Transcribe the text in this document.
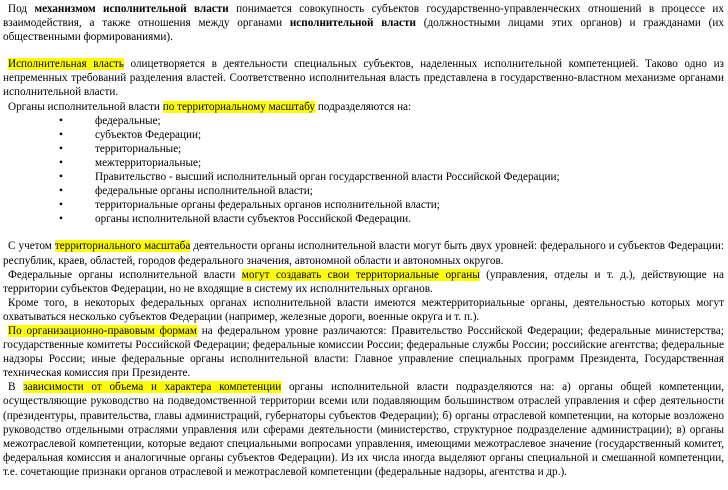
Под механизмом исполнительной власти понимается совокупность субъектов государственно-управленческих отношений в процессе их взаимодействия, а также отношения между органами исполнительной власти (должностными лицами этих органов) и гражданами (их общественными формированиями).

Исполнительная власть олицетворяется в деятельности специальных субъектов, наделенных исполнительной компетенцией. Таково одно из непременных требований разделения властей. Соответственно исполнительная власть представлена в государственно-властном механизме органами исполнительной власти.

Органы исполнительной власти по территориальному масштабу подразделяются на:

• федеральные;
• субъектов Федерации;
• территориальные;
• межтерриториальные;
• Правительство - высший исполнительный орган государственной власти Российской Федерации;
• федеральные органы исполнительной власти;
• территориальные органы федеральных органов исполнительной власти;
• органы исполнительной власти субъектов Российской Федерации.

С учетом территориального масштаба деятельности органы исполнительной власти могут быть двух уровней: федерального и субъектов Федерации: республик, краев, областей, городов федерального значения, автономной области и автономных округов.

Федеральные органы исполнительной власти могут создавать свои территориальные органы (управления, отделы и т. д.), действующие на территории субъектов Федерации, но не входящие в систему их исполнительных органов.

Кроме того, в некоторых федеральных органах исполнительной власти имеются межтерриториальные органы, деятельностью которых могут охватываться несколько субъектов Федерации (например, железные дороги, военные округа и т. п.).

По организационно-правовым формам на федеральном уровне различаются: Правительство Российской Федерации; федеральные министерства; государственные комитеты Российской Федерации; федеральные комиссии России; федеральные службы России; российские агентства; федеральные надзоры России; иные федеральные органы исполнительной власти: Главное управление специальных программ Президента, Государственная техническая комиссия при Президенте.

В зависимости от объема и характера компетенции органы исполнительной власти подразделяются на: а) органы общей компетенции, осуществляющие руководство на подведомственной территории всеми или подавляющим большинством отраслей управления и сфер деятельности (президентуры, правительства, главы администраций, губернаторы субъектов Федерации); б) органы отраслевой компетенции, на которые возложено руководство отдельными отраслями управления или сферами деятельности (министерство, структурное подразделение администрации); в) органы межотраслевой компетенции, которые ведают специальными вопросами управления, имеющими межотраслевое значение (государственный комитет, федеральная комиссия и аналогичные органы субъектов Федерации). Из их числа иногда выделяют органы специальной и смешанной компетенции, т.е. сочетающие признаки органов отраслевой и межотраслевой компетенции (федеральные надзоры, агентства и др.).
